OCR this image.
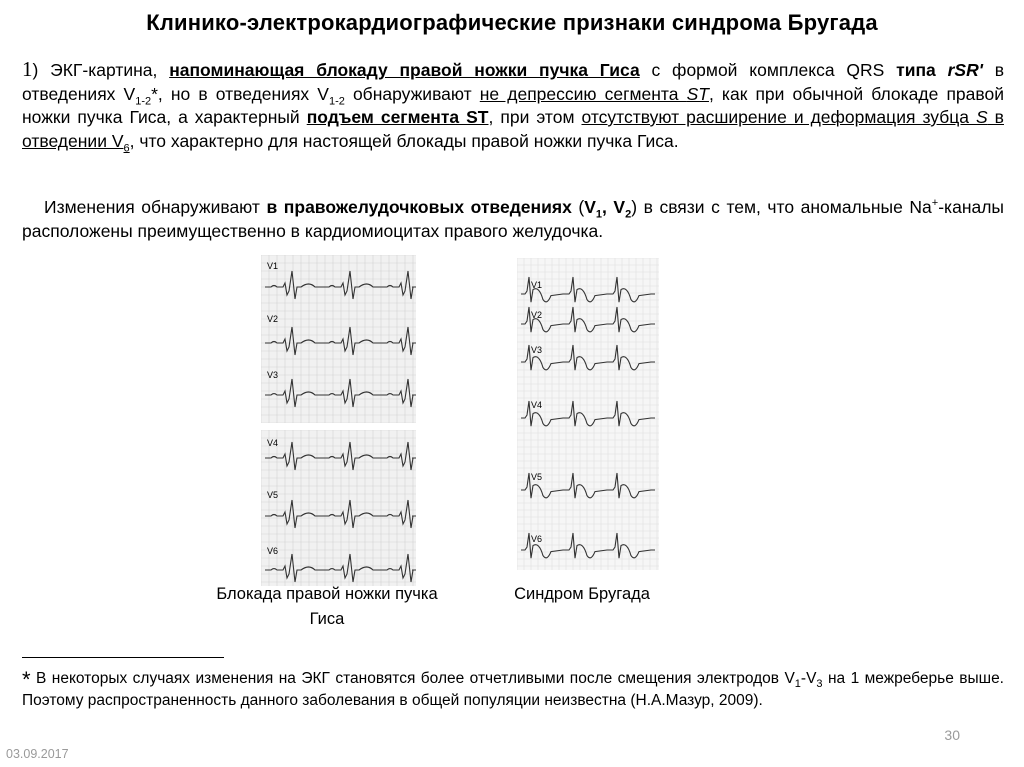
Клинико-электрокардиографические признаки синдрома Бругада
1) ЭКГ-картина, напоминающая блокаду правой ножки пучка Гиса с формой комплекса QRS типа rSR' в отведениях $V_{1-2}*$, но в отведениях $V_{1-2}$ обнаруживают не депрессию сегмента ST, как при обычной блокаде правой ножки пучка Гиса, а характерный подъем сегмента ST, при этом отсутствуют расширение и деформация зубца S в отведении $V_6$, что характерно для настоящей блокады правой ножки пучка Гиса.
Изменения обнаруживают в правожелудочковых отведениях ($V_1$, $V_2$) в связи с тем, что аномальные Na+-каналы расположены преимущественно в кардиомиоцитах правого желудочка.
V1
V2
V3
V4
V5
V6
V1
V2
V3
V4
V5
V6
Блокада правой ножки пучка Гиса
Синдром Бругада
* В некоторых случаях изменения на ЭКГ становятся более отчетливыми после смещения электродов $V_1-V_3$ на 1 межреберье выше. Поэтому распространенность данного заболевания в общей популяции неизвестна (Н.А.Мазур, 2009).
03.09.2017
30
